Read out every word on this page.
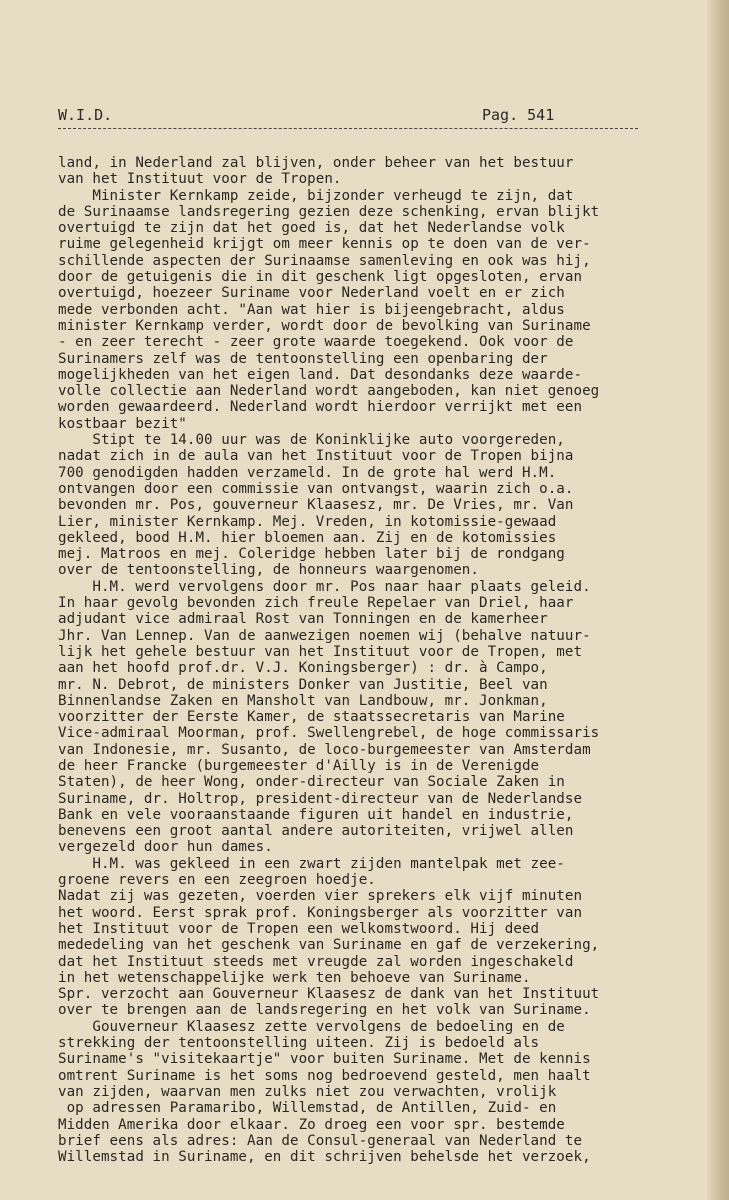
W.I.D.	Pag. 541
land, in Nederland zal blijven, onder beheer van het bestuur
van het Instituut voor de Tropen.
Minister Kernkamp zeide, bijzonder verheugd te zijn, dat
de Surinaamse landsregering gezien deze schenking, ervan blijkt
overtuigd te zijn dat het goed is, dat het Nederlandse volk
ruime gelegenheid krijgt om meer kennis op te doen van de ver-
schillende aspecten der Surinaamse samenleving en ook was hij,
door de getuigenis die in dit geschenk ligt opgesloten, ervan
overtuigd, hoezeer Suriname voor Nederland voelt en er zich
mede verbonden acht. "Aan wat hier is bijeengebracht, aldus
minister Kernkamp verder, wordt door de bevolking van Suriname
- en zeer terecht - zeer grote waarde toegekend. Ook voor de
Surinamers zelf was de tentoonstelling een openbaring der
mogelijkheden van het eigen land. Dat desondanks deze waarde-
volle collectie aan Nederland wordt aangeboden, kan niet genoeg
worden gewaardeerd. Nederland wordt hierdoor verrijkt met een
kostbaar bezit"
Stipt te 14.00 uur was de Koninklijke auto voorgereden,
nadat zich in de aula van het Instituut voor de Tropen bijna
700 genodigden hadden verzameld. In de grote hal werd H.M.
ontvangen door een commissie van ontvangst, waarin zich o.a.
bevonden mr. Pos, gouverneur Klaasesz, mr. De Vries, mr. Van
Lier, minister Kernkamp. Mej. Vreden, in kotomissie-gewaad
gekleed, bood H.M. hier bloemen aan. Zij en de kotomissies
mej. Matroos en mej. Coleridge hebben later bij de rondgang
over de tentoonstelling, de honneurs waargenomen.
H.M. werd vervolgens door mr. Pos naar haar plaats geleid.
In haar gevolg bevonden zich freule Repelaer van Driel, haar
adjudant vice admiraal Rost van Tonningen en de kamerheer
Jhr. Van Lennep. Van de aanwezigen noemen wij (behalve natuur-
lijk het gehele bestuur van het Instituut voor de Tropen, met
aan het hoofd prof.dr. V.J. Koningsberger) : dr. à Campo,
mr. N. Debrot, de ministers Donker van Justitie, Beel van
Binnenlandse Zaken en Mansholt van Landbouw, mr. Jonkman,
voorzitter der Eerste Kamer, de staatssecretaris van Marine
Vice-admiraal Moorman, prof. Swellengrebel, de hoge commissaris
van Indonesie, mr. Susanto, de loco-burgemeester van Amsterdam
de heer Francke (burgemeester d'Ailly is in de Verenigde
Staten), de heer Wong, onder-directeur van Sociale Zaken in
Suriname, dr. Holtrop, president-directeur van de Nederlandse
Bank en vele vooraanstaande figuren uit handel en industrie,
benevens een groot aantal andere autoriteiten, vrijwel allen
vergezeld door hun dames.
H.M. was gekleed in een zwart zijden mantelpak met zee-
groene revers en een zeegroen hoedje.
Nadat zij was gezeten, voerden vier sprekers elk vijf minuten
het woord. Eerst sprak prof. Koningsberger als voorzitter van
het Instituut voor de Tropen een welkomstwoord. Hij deed
mededeling van het geschenk van Suriname en gaf de verzekering,
dat het Instituut steeds met vreugde zal worden ingeschakeld
in het wetenschappelijke werk ten behoeve van Suriname.
Spr. verzocht aan Gouverneur Klaasesz de dank van het Instituut
over te brengen aan de landsregering en het volk van Suriname.
Gouverneur Klaasesz zette vervolgens de bedoeling en de
strekking der tentoonstelling uiteen. Zij is bedoeld als
Suriname's "visitekaartje" voor buiten Suriname. Met de kennis
omtrent Suriname is het soms nog bedroevend gesteld, men haalt
van zijden, waarvan men zulks niet zou verwachten, vrolijk
op adressen Paramaribo, Willemstad, de Antillen, Zuid- en
Midden Amerika door elkaar. Zo droeg een voor spr. bestemde
brief eens als adres: Aan de Consul-generaal van Nederland te
Willemstad in Suriname, en dit schrijven behelsde het verzoek,
